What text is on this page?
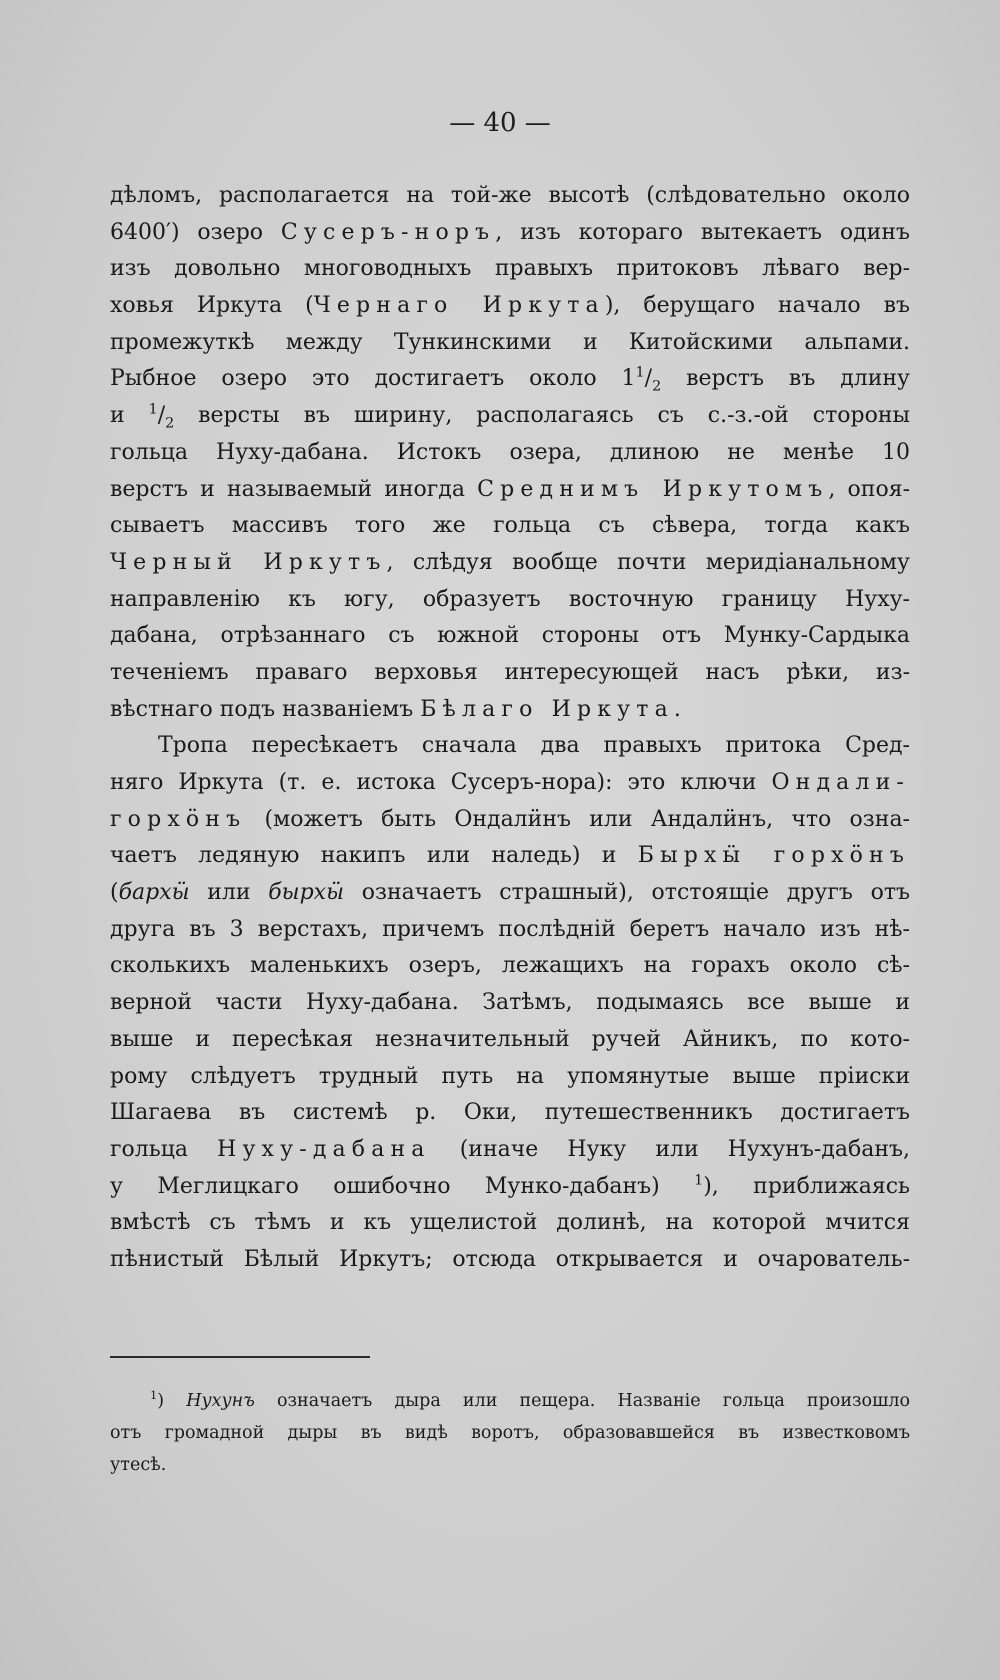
— 40 —
дѣломъ, располагается на той-же высотѣ (слѣдовательно около
6400′) озеро Сусеръ-норъ, изъ котораго вытекаетъ одинъ
изъ довольно многоводныхъ правыхъ притоковъ лѣваго вер-
ховья Иркута (Чернаго Иркута), берущаго начало въ
промежуткѣ между Тункинскими и Китойскими альпами.
Рыбное озеро это достигаетъ около $1^1/_2$ верстъ въ длину
и $^1/_2$ версты въ ширину, располагаясь съ с.-з.-ой стороны
гольца Нуху-дабана. Истокъ озера, длиною не менѣе 10
верстъ и называемый иногда Среднимъ Иркутомъ, опоя-
сываетъ массивъ того же гольца съ сѣвера, тогда какъ
Черный Иркутъ, слѣдуя вообще почти меридіанальному
направленію къ югу, образуетъ восточную границу Нуху-
дабана, отрѣзаннаго съ южной стороны отъ Мунку-Сардыка
теченіемъ праваго верховья интересующей насъ рѣки, из-
вѣстнаго подъ названіемъ Бѣлаго Иркута.
Тропа пересѣкаетъ сначала два правыхъ притока Сред-
няго Иркута (т. е. истока Сусеръ-нора): это ключи Ондали-
горхӧнъ (можетъ быть Ондалӥнъ или Андалӥнъ, что озна-
чаетъ ледяную накипъ или наледь) и Бырхӹ горхӧнъ
(бархӹ или бырхӹ означаетъ страшный), отстоящіе другъ отъ
друга въ 3 верстахъ, причемъ послѣдній беретъ начало изъ нѣ-
сколькихъ маленькихъ озеръ, лежащихъ на горахъ около сѣ-
верной части Нуху-дабана. Затѣмъ, подымаясь все выше и
выше и пересѣкая незначительный ручей Айникъ, по кото-
рому слѣдуетъ трудный путь на упомянутые выше пріиски
Шагаева въ системѣ р. Оки, путешественникъ достигаетъ
гольца Нуху-дабана (иначе Нуку или Нухунъ-дабанъ,
у Меглицкаго ошибочно Мунко-дабанъ) $^1$), приближаясь
вмѣстѣ съ тѣмъ и къ ущелистой долинѣ, на которой мчится
пѣнистый Бѣлый Иркутъ; отсюда открывается и очарователь-
$^1$) Нухунъ означаетъ дыра или пещера. Названіе гольца произошло
отъ громадной дыры въ видѣ воротъ, образовавшейся въ известковомъ
утесѣ.
